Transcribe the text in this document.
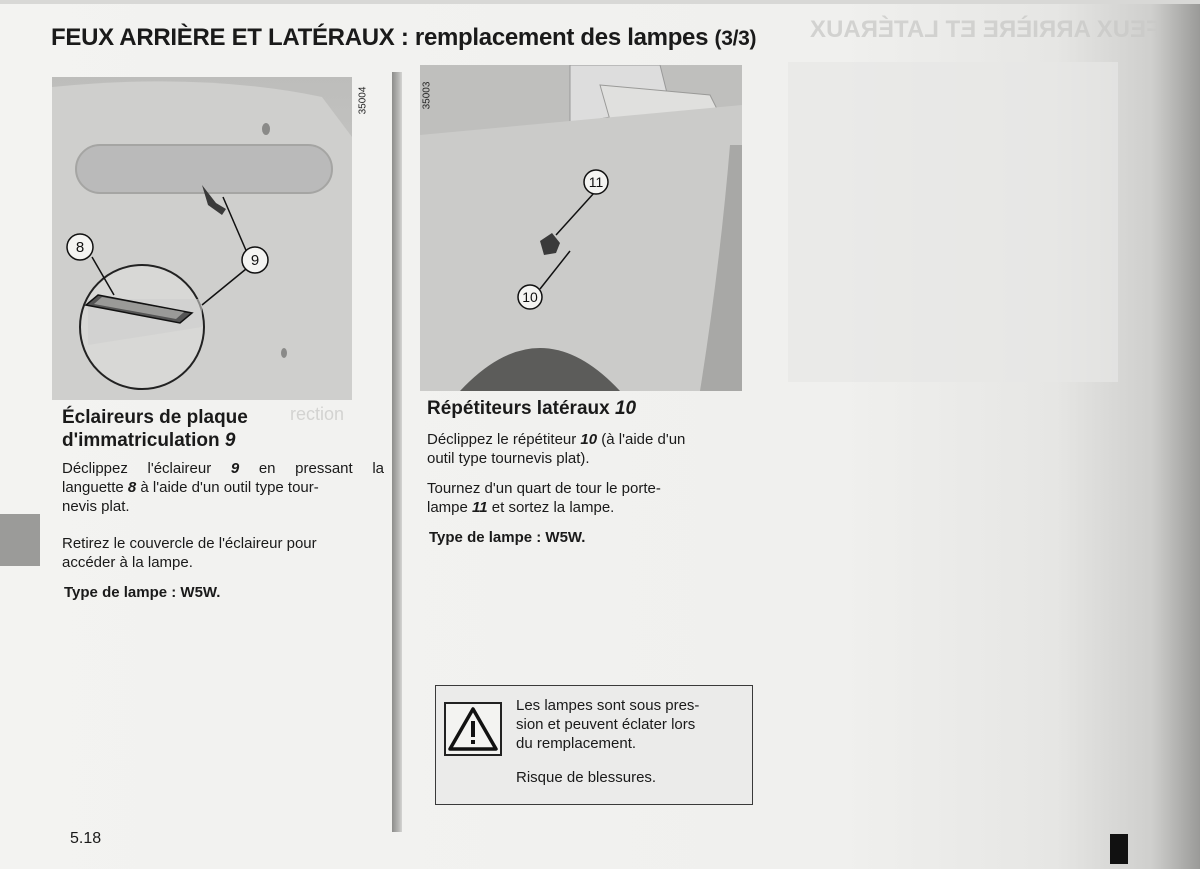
FEUX ARRIÈRE ET LATÉRAUX
rection
FEUX ARRIÈRE ET LATÉRAUX : remplacement des lampes (3/3)
8
9
35004
11
10
35003
Éclaireurs de plaque
d'immatriculation 9

Déclippez l'éclaireur 9 en pressant la
languette 8 à l'aide d'un outil type tour-
nevis plat.

Retirez le couvercle de l'éclaireur pour
accéder à la lampe.

Type de lampe : W5W.
Répétiteurs latéraux 10

Déclippez le répétiteur 10 (à l'aide d'un
outil type tournevis plat).

Tournez d'un quart de tour le porte-
lampe 11 et sortez la lampe.

Type de lampe : W5W.

Les lampes sont sous pres-
sion et peuvent éclater lors
du remplacement.

Risque de blessures.

5.18
